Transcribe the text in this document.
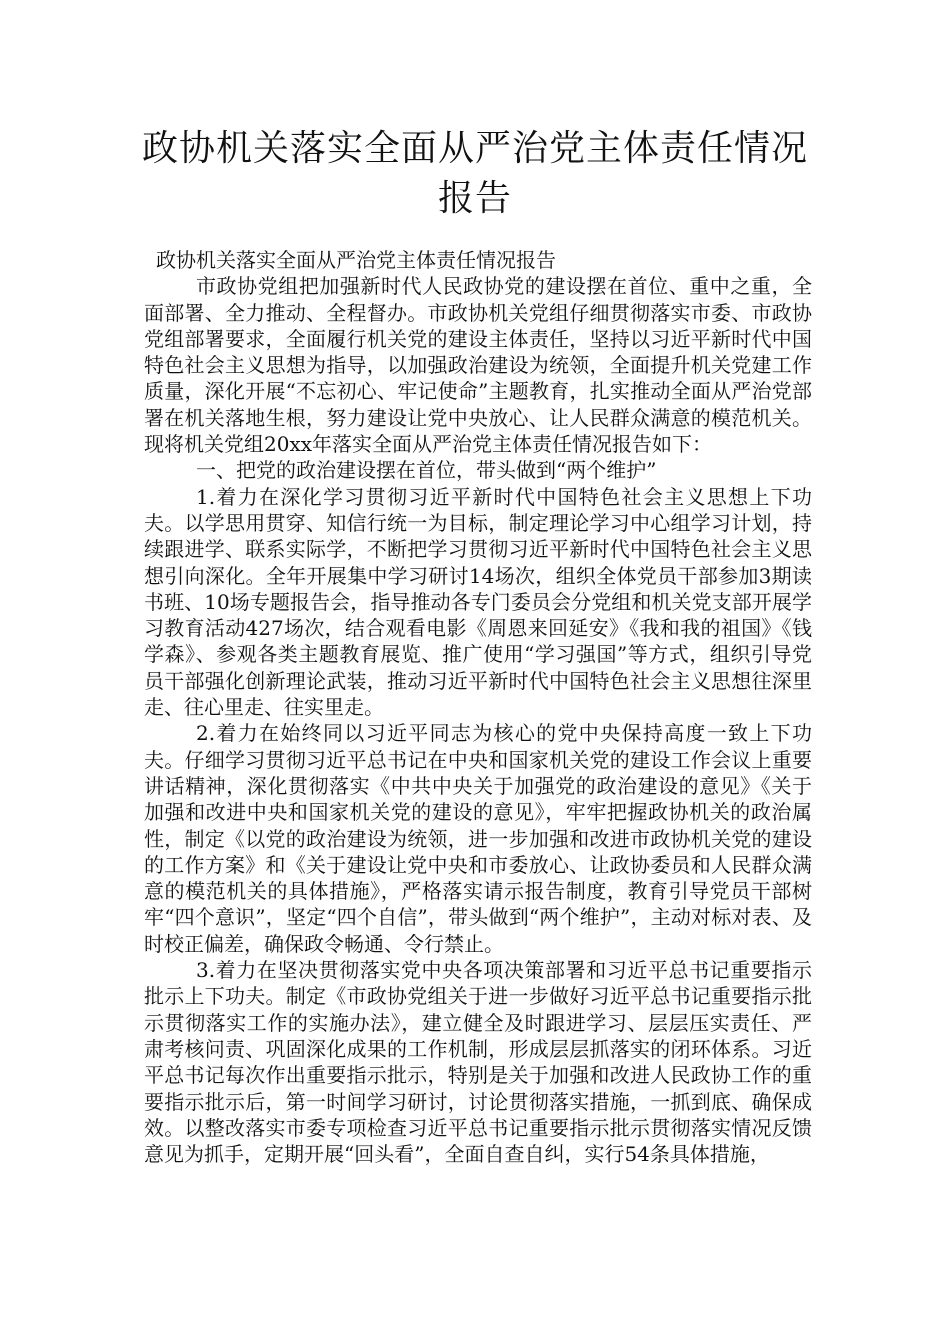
政协机关落实全面从严治党主体责任情况报告

政协机关落实全面从严治党主体责任情况报告

市政协党组把加强新时代人民政协党的建设摆在首位、重中之重，全面部署、全力推动、全程督办。市政协机关党组仔细贯彻落实市委、市政协党组部署要求，全面履行机关党的建设主体责任，坚持以习近平新时代中国特色社会主义思想为指导，以加强政治建设为统领，全面提升机关党建工作质量，深化开展“不忘初心、牢记使命”主题教育，扎实推动全面从严治党部署在机关落地生根，努力建设让党中央放心、让人民群众满意的模范机关。现将机关党组20xx年落实全面从严治党主体责任情况报告如下：

一、把党的政治建设摆在首位，带头做到“两个维护”

1.着力在深化学习贯彻习近平新时代中国特色社会主义思想上下功夫。以学思用贯穿、知信行统一为目标，制定理论学习中心组学习计划，持续跟进学、联系实际学，不断把学习贯彻习近平新时代中国特色社会主义思想引向深化。全年开展集中学习研讨14场次，组织全体党员干部参加3期读书班、10场专题报告会，指导推动各专门委员会分党组和机关党支部开展学习教育活动427场次，结合观看电影《周恩来回延安》《我和我的祖国》《钱学森》、参观各类主题教育展览、推广使用“学习强国”等方式，组织引导党员干部强化创新理论武装，推动习近平新时代中国特色社会主义思想往深里走、往心里走、往实里走。

2.着力在始终同以习近平同志为核心的党中央保持高度一致上下功夫。仔细学习贯彻习近平总书记在中央和国家机关党的建设工作会议上重要讲话精神，深化贯彻落实《中共中央关于加强党的政治建设的意见》《关于加强和改进中央和国家机关党的建设的意见》，牢牢把握政协机关的政治属性，制定《以党的政治建设为统领，进一步加强和改进市政协机关党的建设的工作方案》和《关于建设让党中央和市委放心、让政协委员和人民群众满意的模范机关的具体措施》，严格落实请示报告制度，教育引导党员干部树牢“四个意识”，坚定“四个自信”，带头做到“两个维护”，主动对标对表、及时校正偏差，确保政令畅通、令行禁止。

3.着力在坚决贯彻落实党中央各项决策部署和习近平总书记重要指示批示上下功夫。制定《市政协党组关于进一步做好习近平总书记重要指示批示贯彻落实工作的实施办法》，建立健全及时跟进学习、层层压实责任、严肃考核问责、巩固深化成果的工作机制，形成层层抓落实的闭环体系。习近平总书记每次作出重要指示批示，特别是关于加强和改进人民政协工作的重要指示批示后，第一时间学习研讨，讨论贯彻落实措施，一抓到底、确保成效。以整改落实市委专项检查习近平总书记重要指示批示贯彻落实情况反馈意见为抓手，定期开展“回头看”，全面自查自纠，实行54条具体措施，
